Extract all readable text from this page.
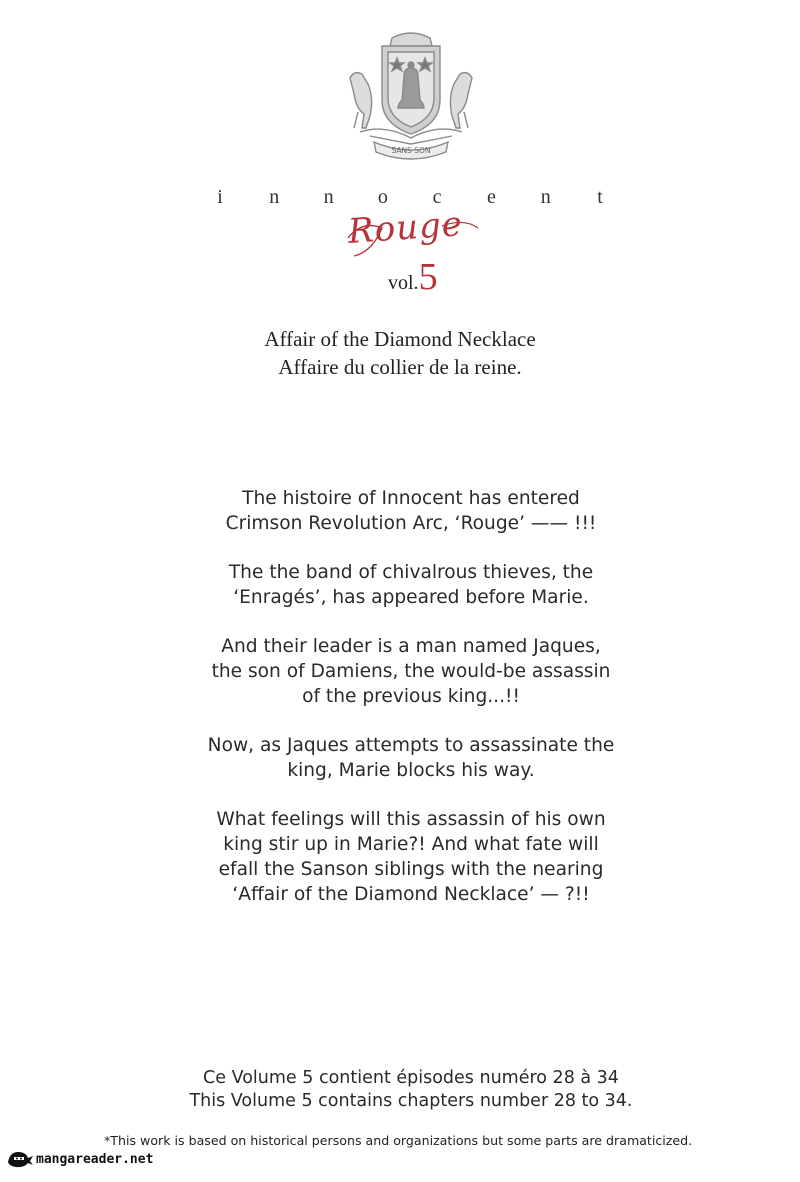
SANS SON
i	n n o c e n	t
Rouge
vol. 5

Affair of the Diamond Necklace

Affaire du collier de la reine.

The histoire of Innocent has entered
Crimson Revolution Arc, ‘Rouge’ —— !!!

The the band of chivalrous thieves, the
‘Enragés’, has appeared before Marie.

And their leader is a man named Jaques,
the son of Damiens, the would-be assassin
of the previous king...!!

Now, as Jaques attempts to assassinate the
king, Marie blocks his way.

What feelings will this assassin of his own
king stir up in Marie?! And what fate will
efall the Sanson siblings with the nearing
‘Affair of the Diamond Necklace’ — ?!!

Ce Volume 5 contient épisodes numéro 28 à 34
This Volume 5 contains chapters number 28 to 34.
*This work is based on historical persons and organizations but some parts are dramaticized.
mangareader.net
